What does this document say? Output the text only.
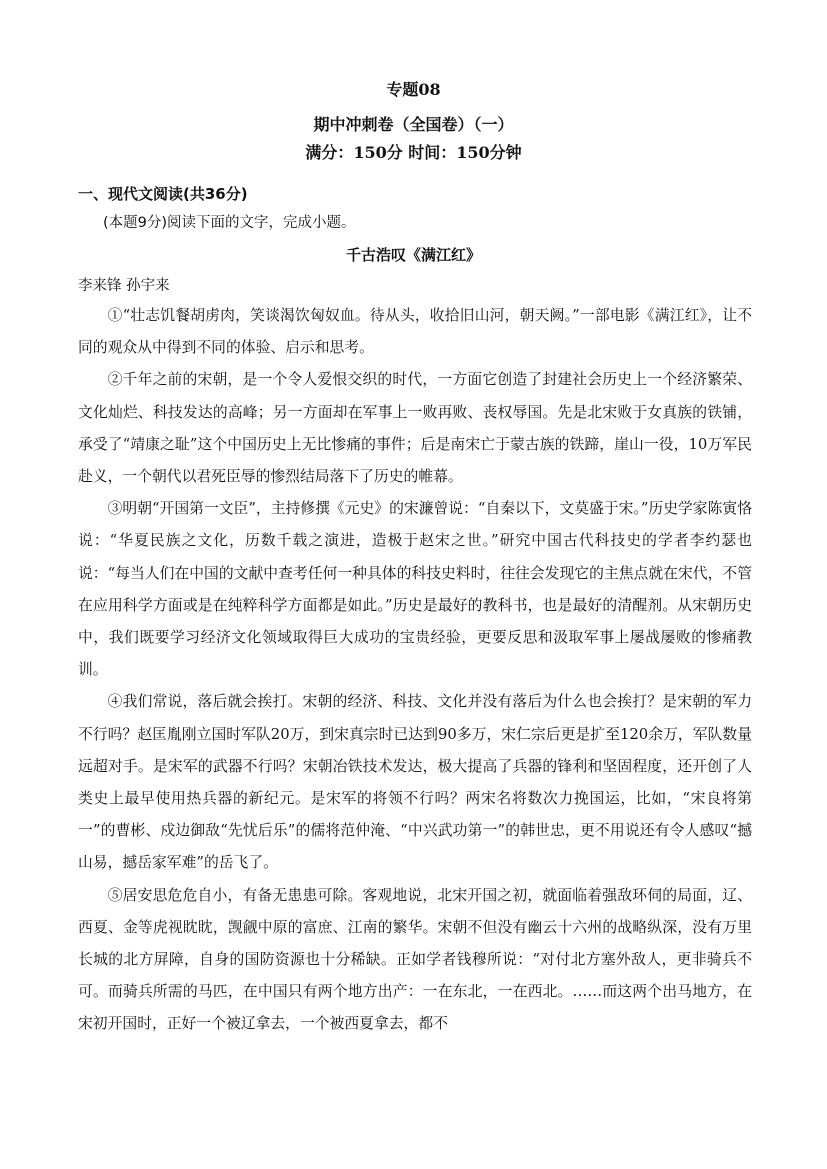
专题08
期中冲刺卷（全国卷）（一）
满分：150分 时间：150分钟
一、现代文阅读(共36分)
(本题9分)阅读下面的文字，完成小题。
千古浩叹《满江红》
李来锋 孙宇来

①“壮志饥餐胡虏肉，笑谈渴饮匈奴血。待从头，收拾旧山河，朝天阙。”一部电影《满江红》，让不同的观众从中得到不同的体验、启示和思考。

②千年之前的宋朝，是一个令人爱恨交织的时代，一方面它创造了封建社会历史上一个经济繁荣、文化灿烂、科技发达的高峰；另一方面却在军事上一败再败、丧权辱国。先是北宋败于女真族的铁铺，承受了“靖康之耻”这个中国历史上无比惨痛的事件；后是南宋亡于蒙古族的铁蹄，崖山一役，10万军民赴义，一个朝代以君死臣辱的惨烈结局落下了历史的帷幕。

③明朝“开国第一文臣”，主持修撰《元史》的宋濂曾说：“自秦以下，文莫盛于宋。”历史学家陈寅恪说：“华夏民族之文化，历数千载之演进，造极于赵宋之世。”研究中国古代科技史的学者李约瑟也说：“每当人们在中国的文献中查考任何一种具体的科技史料时，往往会发现它的主焦点就在宋代，不管在应用科学方面或是在纯粹科学方面都是如此。”历史是最好的教科书，也是最好的清醒剂。从宋朝历史中，我们既要学习经济文化领域取得巨大成功的宝贵经验，更要反思和汲取军事上屡战屡败的惨痛教训。

④我们常说，落后就会挨打。宋朝的经济、科技、文化并没有落后为什么也会挨打？是宋朝的军力不行吗？赵匡胤刚立国时军队20万，到宋真宗时已达到90多万，宋仁宗后更是扩至120余万，军队数量远超对手。是宋军的武器不行吗？宋朝冶铁技术发达，极大提高了兵器的锋利和坚固程度，还开创了人类史上最早使用热兵器的新纪元。是宋军的将领不行吗？两宋名将数次力挽国运，比如，“宋良将第一”的曹彬、戍边御敌“先忧后乐”的儒将范仲淹、“中兴武功第一”的韩世忠，更不用说还有令人感叹“撼山易，撼岳家军难”的岳飞了。

⑤居安思危危自小，有备无患患可除。客观地说，北宋开国之初，就面临着强敌环伺的局面，辽、西夏、金等虎视眈眈，觊觎中原的富庶、江南的繁华。宋朝不但没有幽云十六州的战略纵深，没有万里长城的北方屏障，自身的国防资源也十分稀缺。正如学者钱穆所说：“对付北方塞外敌人，更非骑兵不可。而骑兵所需的马匹，在中国只有两个地方出产：一在东北，一在西北。……而这两个出马地方，在宋初开国时，正好一个被辽拿去，一个被西夏拿去，都不
